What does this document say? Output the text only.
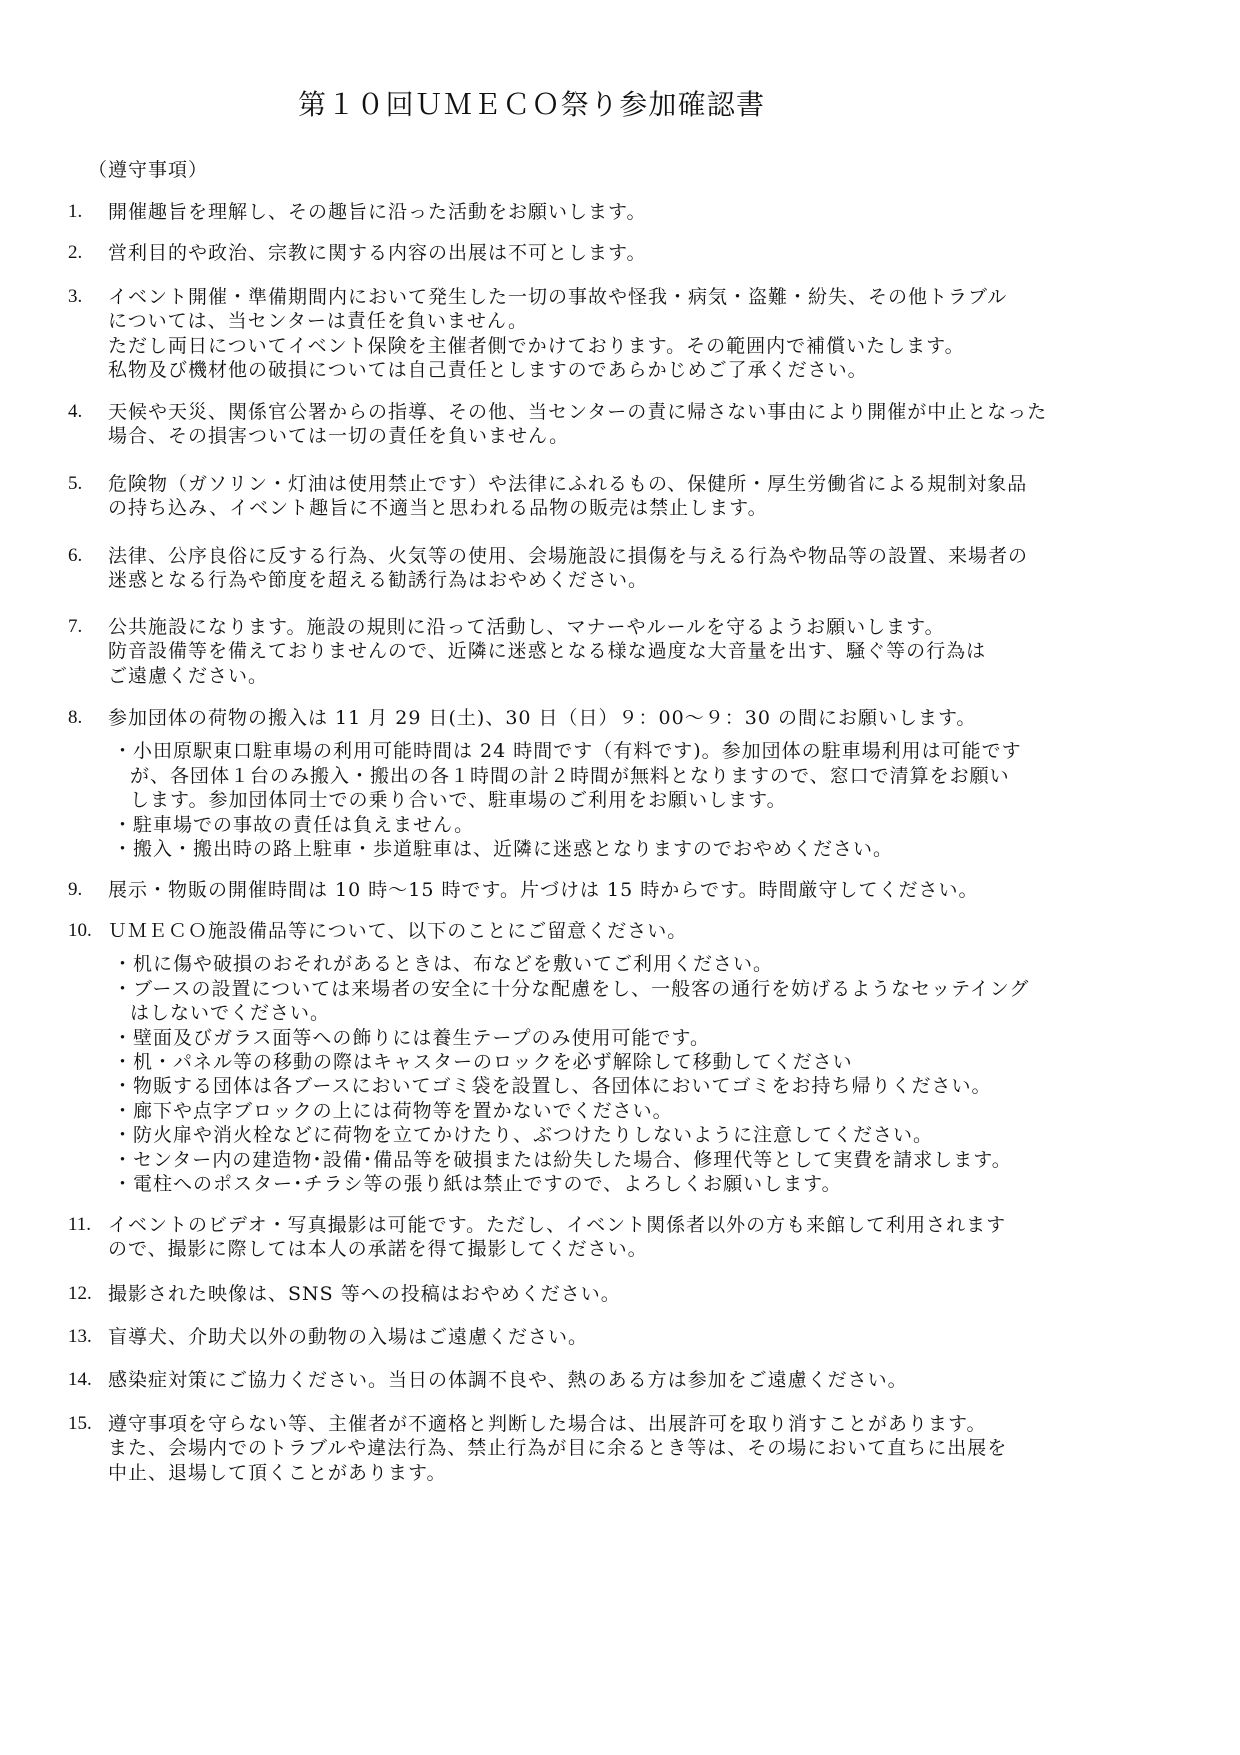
第１０回ＵＭＥＣＯ祭り参加確認書
（遵守事項）
1. 開催趣旨を理解し、その趣旨に沿った活動をお願いします。
2. 営利目的や政治、宗教に関する内容の出展は不可とします。
3. イベント開催・準備期間内において発生した一切の事故や怪我・病気・盗難・紛失、その他トラブル
については、当センターは責任を負いません。
ただし両日についてイベント保険を主催者側でかけております。その範囲内で補償いたします。
私物及び機材他の破損については自己責任としますのであらかじめご了承ください。
4. 天候や天災、関係官公署からの指導、その他、当センターの責に帰さない事由により開催が中止となった
場合、その損害ついては一切の責任を負いません。
5. 危険物（ガソリン・灯油は使用禁止です）や法律にふれるもの、保健所・厚生労働省による規制対象品
の持ち込み、イベント趣旨に不適当と思われる品物の販売は禁止します。
6. 法律、公序良俗に反する行為、火気等の使用、会場施設に損傷を与える行為や物品等の設置、来場者の
迷惑となる行為や節度を超える勧誘行為はおやめください。
7. 公共施設になります。施設の規則に沿って活動し、マナーやルールを守るようお願いします。
防音設備等を備えておりませんので、近隣に迷惑となる様な過度な大音量を出す、騒ぐ等の行為は
ご遠慮ください。
8. 参加団体の荷物の搬入は 11 月 29 日(土)、30 日（日）９：00～９：30 の間にお願いします。
・小田原駅東口駐車場の利用可能時間は 24 時間です（有料です)。参加団体の駐車場利用は可能です
が、各団体１台のみ搬入・搬出の各１時間の計２時間が無料となりますので、窓口で清算をお願い
します。参加団体同士での乗り合いで、駐車場のご利用をお願いします。
・駐車場での事故の責任は負えません。
・搬入・搬出時の路上駐車・歩道駐車は、近隣に迷惑となりますのでおやめください。
9. 展示・物販の開催時間は 10 時～15 時です。片づけは 15 時からです。時間厳守してください。
10. ＵＭＥＣＯ施設備品等について、以下のことにご留意ください。
・机に傷や破損のおそれがあるときは、布などを敷いてご利用ください。
・ブースの設置については来場者の安全に十分な配慮をし、一般客の通行を妨げるようなセッテイング
はしないでください。
・壁面及びガラス面等への飾りには養生テープのみ使用可能です。
・机・パネル等の移動の際はキャスターのロックを必ず解除して移動してください
・物販する団体は各ブースにおいてゴミ袋を設置し、各団体においてゴミをお持ち帰りください。
・廊下や点字ブロックの上には荷物等を置かないでください。
・防火扉や消火栓などに荷物を立てかけたり、ぶつけたりしないように注意してください。
・センター内の建造物･設備･備品等を破損または紛失した場合、修理代等として実費を請求します。
・電柱へのポスター･チラシ等の張り紙は禁止ですので、よろしくお願いします。
11. イベントのビデオ・写真撮影は可能です。ただし、イベント関係者以外の方も来館して利用されます
ので、撮影に際しては本人の承諾を得て撮影してください。
12. 撮影された映像は、SNS 等への投稿はおやめください。
13. 盲導犬、介助犬以外の動物の入場はご遠慮ください。
14. 感染症対策にご協力ください。当日の体調不良や、熱のある方は参加をご遠慮ください。
15. 遵守事項を守らない等、主催者が不適格と判断した場合は、出展許可を取り消すことがあります。
また、会場内でのトラブルや違法行為、禁止行為が目に余るとき等は、その場において直ちに出展を
中止、退場して頂くことがあります。
